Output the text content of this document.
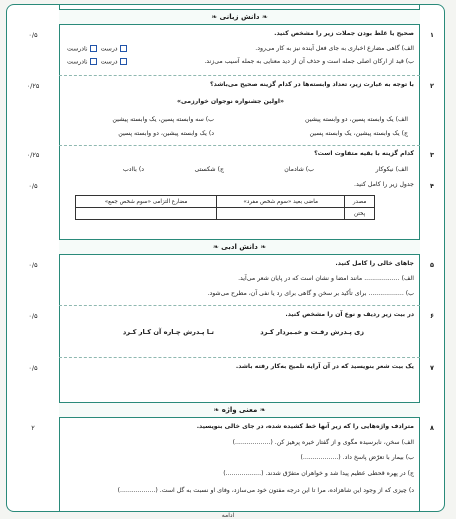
❧ دانش زبانی ❧
۱
۰/۵	صحیح یا غلط بودن جملات زیر را مشخص کنید.
الف) گاهی مضارع اخباری به جای فعل آینده نیز به کار می‌رود.
ب) قید از ارکان اصلی جمله است و حذف آن از دید معنایی به جمله آسیب می‌زند.
درست  نادرست
درست  نادرست
۲
۰/۲۵	با توجه به عبارت زیر، تعداد وابسته‌ها در کدام گزینه صحیح می‌باشد؟
«اولین جشنواره نوجوان خوارزمی»
الف) یک وابسته پسین، دو وابسته پیشین
ب) سه وابسته پسین، یک وابسته پیشین
ج) یک وابسته پیشین، یک وابسته پسین
د) یک وابسته پیشین، دو وابسته پسین
۳
۰/۲۵	کدام گزینه با بقیه متفاوت است؟
الف) نیکوکار
ب) شادمان
ج) شکستی
د) باادب
۴
۰/۵	جدول زیر را کامل کنید.
مصدر	ماضی بعید «سوم شخص مفرد»	مضارع التزامی «سوم شخص جمع»
پختن		
❧ دانش ادبی ❧
۵
۰/۵	جاهای خالی را کامل کنید.
الف) .................. مانند امضا و نشان است که در پایان شعر می‌آید.
ب) .................. برای تأکید بر سخن و گاهی برای رد یا نفی آن، مطرح می‌شود.
۶
۰/۵	در بیت زیر ردیف و نوع آن را مشخص کنید.
زی پـدرش رفـت و خبـبردار کـرد
تـا پـدرش چـاره آن کـار کـرد
۷
۰/۵	یک بیت شعر بنویسید که در آن آرایه تلمیح به‌کار رفته باشد.
❧ معنی واژه ❧
۸
۲	مترادف واژه‌هایی را که زیر آنها خط کشیده شده، در جای خالی بنویسید.
الف) سخن، نابرسیده مگوی و از گفتار خیره پرهیز کن. (..................)
ب) بیمار با تعرّض پاسخ داد. (..................)
ج) در پهره قحطی عظیم پیدا شد و خواهران متفرّق شدند. (..................)
د) چیزی که از وجود این شاهزاده، مرا تا این درجه مفتون خود می‌سازد، وفای او نسبت به گل است. (..................)
ادامه
